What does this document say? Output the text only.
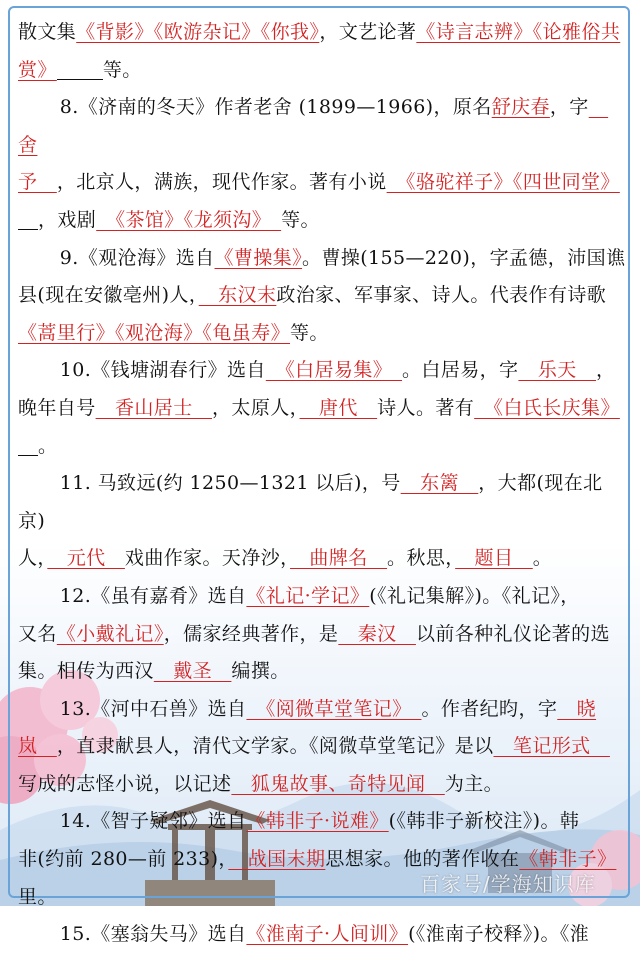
散文集《背影》《欧游杂记》《你我》，文艺论著《诗言志辨》《论雅俗共

赏》 等。

8.《济南的冬天》作者老舍 (1899—1966)，原名舒庆春，字　舍

予　，北京人，满族，现代作家。著有小说　《骆驼祥子》《四世同堂》

，戏剧　《茶馆》《龙须沟》　等。

9.《观沧海》选自《曹操集》。曹操(155—220)，字孟德，沛国谯

县(现在安徽亳州)人，　东汉末政治家、军事家、诗人。代表作有诗歌

《蒿里行》《观沧海》《龟虽寿》等。

10.《钱塘湖春行》选自　《白居易集》　。白居易，字　乐天　，

晚年自号　香山居士　，太原人，　唐代　诗人。著有　《白氏长庆集》

。

11. 马致远(约 1250—1321 以后)，号　东篱　，大都(现在北京)

人，　元代　戏曲作家。天净沙，　曲牌名　。秋思，　题目　。

12.《虽有嘉肴》选自《礼记·学记》(《礼记集解》)。《礼记》，

又名《小戴礼记》，儒家经典著作，是　秦汉　以前各种礼仪论著的选

集。相传为西汉　戴圣　编撰。

13.《河中石兽》选自　《阅微草堂笔记》　。作者纪昀，字　晓

岚　，直隶献县人，清代文学家。《阅微草堂笔记》是以　笔记形式　

写成的志怪小说，以记述　狐鬼故事、奇特见闻　为主。

14.《智子疑邻》选自《韩非子·说难》(《韩非子新校注》)。韩

非(约前 280—前 233)，　战国末期思想家。他的著作收在《韩非子》里。

15.《塞翁失马》选自《淮南子·人间训》(《淮南子校释》)。《淮

百家号/学海知识库
